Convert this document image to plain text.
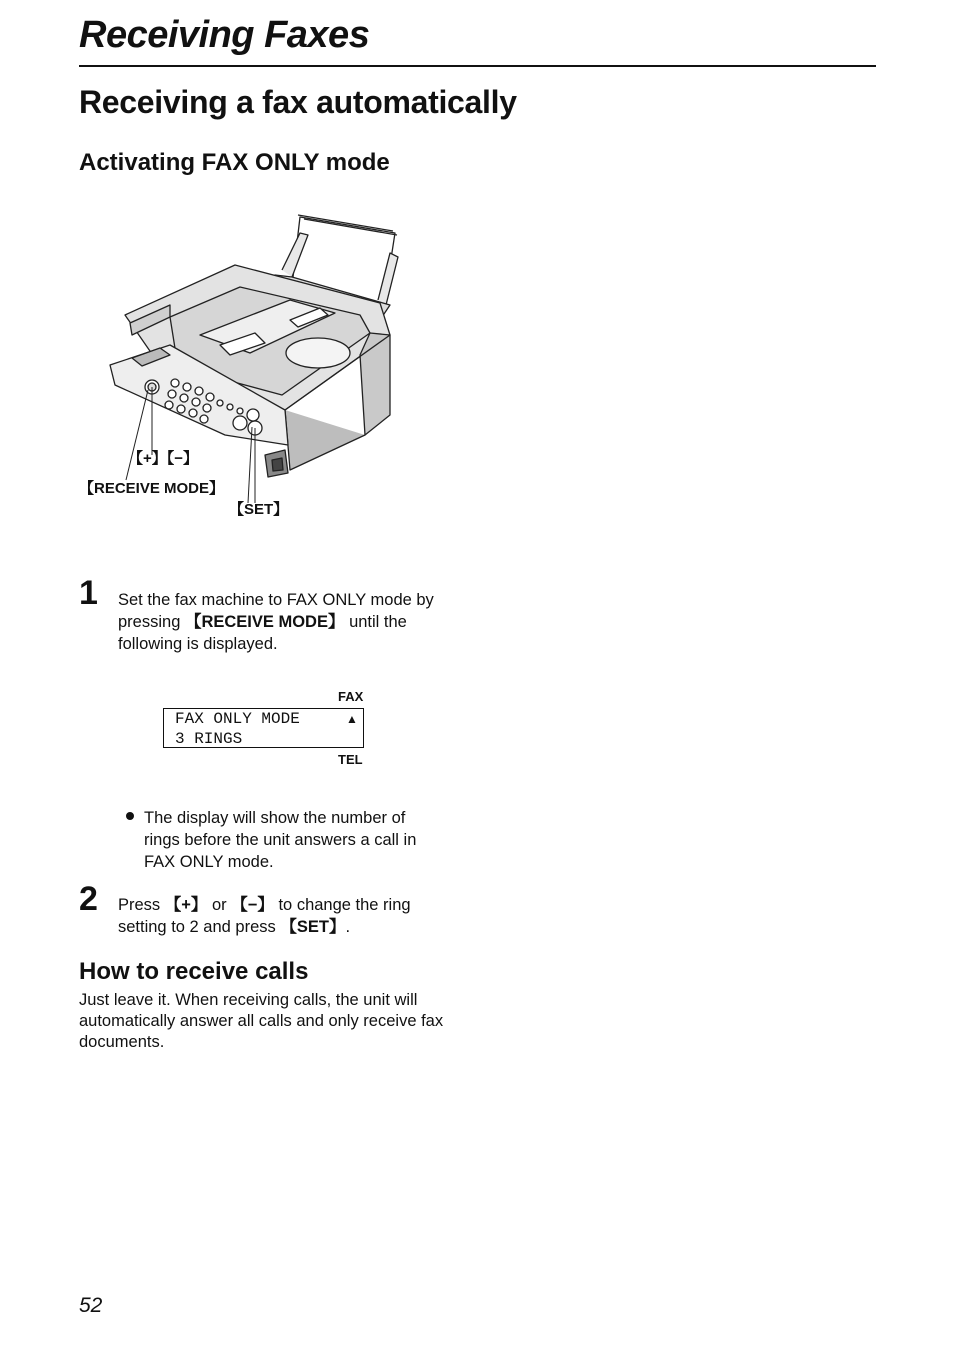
Receiving Faxes
Receiving a fax automatically
Activating FAX ONLY mode
【+】【−】
【RECEIVE MODE】
【SET】
1 Set the fax machine to FAX ONLY mode by pressing 【RECEIVE MODE】 until the following is displayed.
FAX
FAX ONLY MODE	▲
3 RINGS
TEL
The display will show the number of rings before the unit answers a call in FAX ONLY mode.
2 Press 【+】 or 【−】 to change the ring setting to 2 and press 【SET】.
How to receive calls
Just leave it. When receiving calls, the unit will automatically answer all calls and only receive fax documents.
52
